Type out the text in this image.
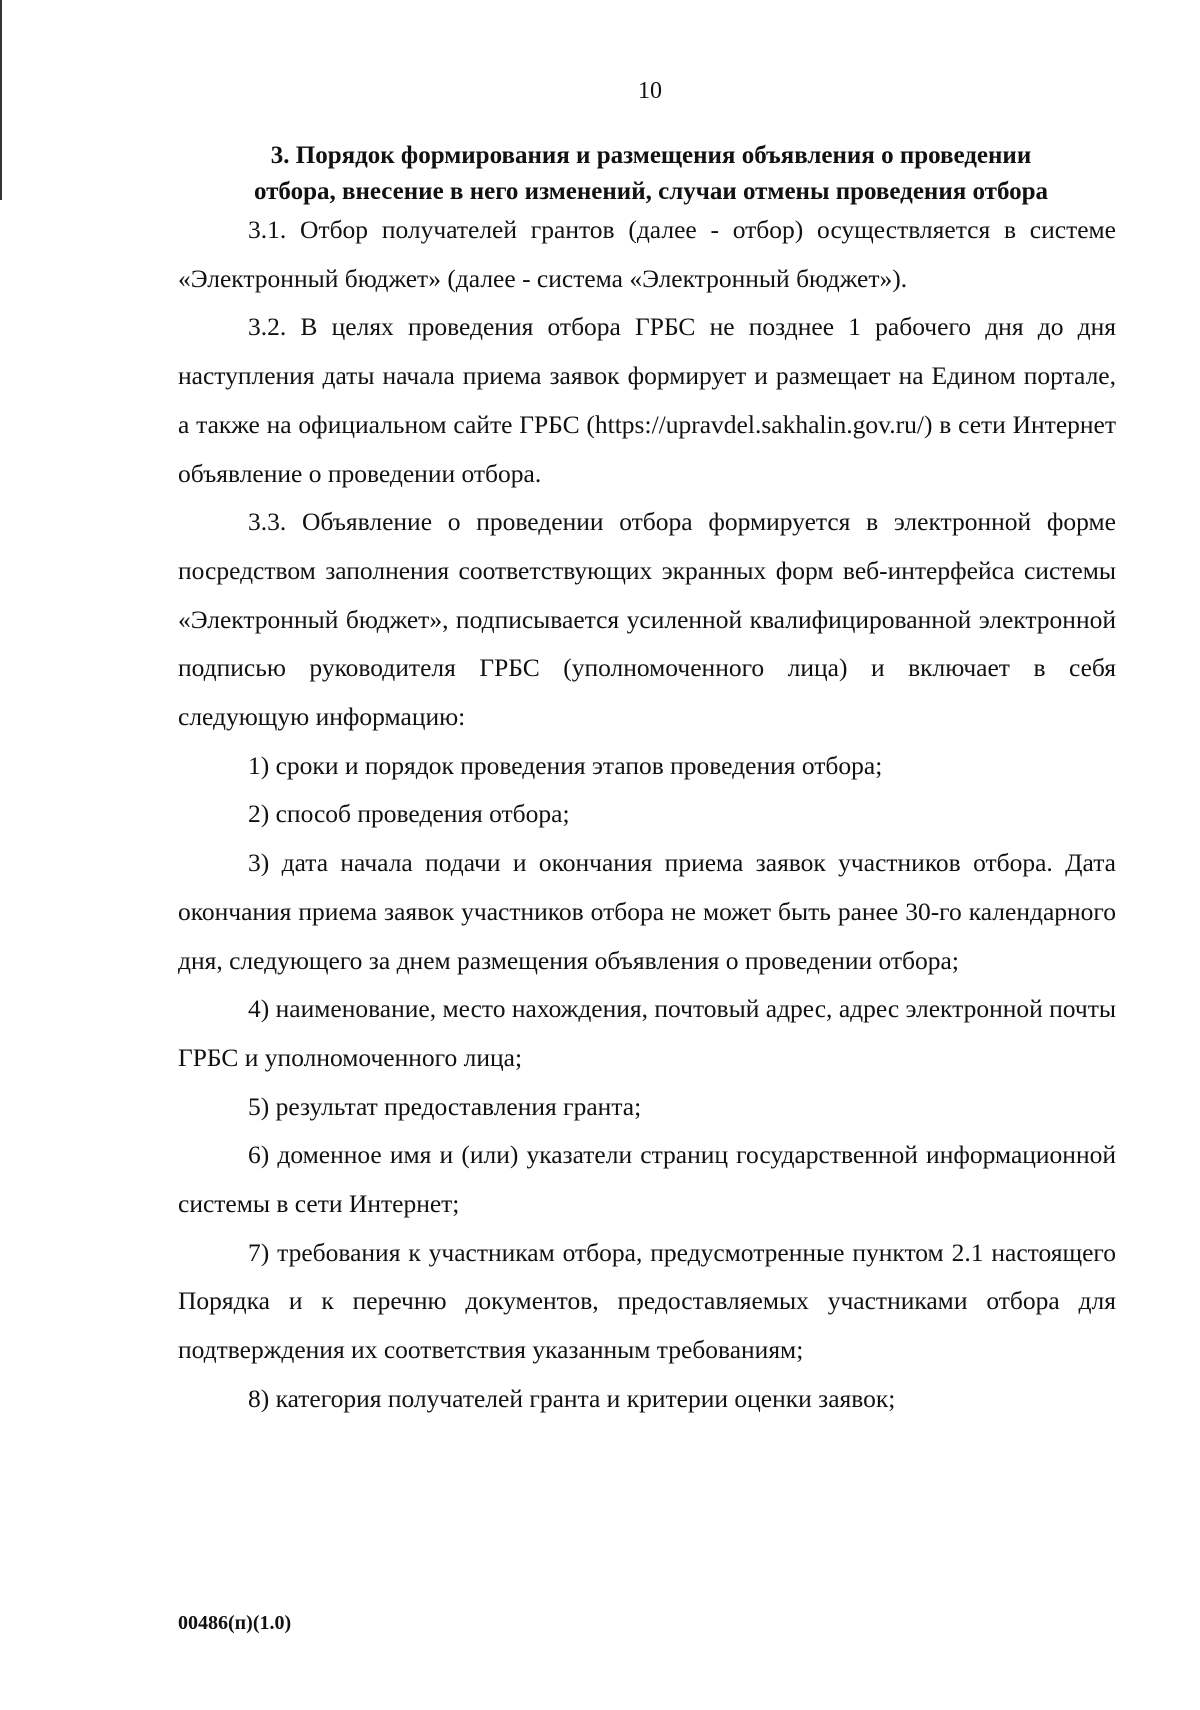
10
3. Порядок формирования и размещения объявления о проведении
отбора, внесение в него изменений, случаи отмены проведения отбора

3.1. Отбор получателей грантов (далее - отбор) осуществляется в системе «Электронный бюджет» (далее - система «Электронный бюджет»).

3.2. В целях проведения отбора ГРБС не позднее 1 рабочего дня до дня наступления даты начала приема заявок формирует и размещает на Едином портале, а также на официальном сайте ГРБС (https://upravdel.sakhalin.gov.ru/) в сети Интернет объявление о проведении отбора.

3.3. Объявление о проведении отбора формируется в электронной форме посредством заполнения соответствующих экранных форм веб-интерфейса системы «Электронный бюджет», подписывается усиленной квалифицированной электронной подписью руководителя ГРБС (уполномоченного лица) и включает в себя следующую информацию:

1) сроки и порядок проведения этапов проведения отбора;

2) способ проведения отбора;

3) дата начала подачи и окончания приема заявок участников отбора. Дата окончания приема заявок участников отбора не может быть ранее 30-го календарного дня, следующего за днем размещения объявления о проведении отбора;

4) наименование, место нахождения, почтовый адрес, адрес электронной почты ГРБС и уполномоченного лица;

5) результат предоставления гранта;

6) доменное имя и (или) указатели страниц государственной информационной системы в сети Интернет;

7) требования к участникам отбора, предусмотренные пунктом 2.1 настоящего Порядка и к перечню документов, предоставляемых участниками отбора для подтверждения их соответствия указанным требованиям;

8) категория получателей гранта и критерии оценки заявок;

00486(п)(1.0)
